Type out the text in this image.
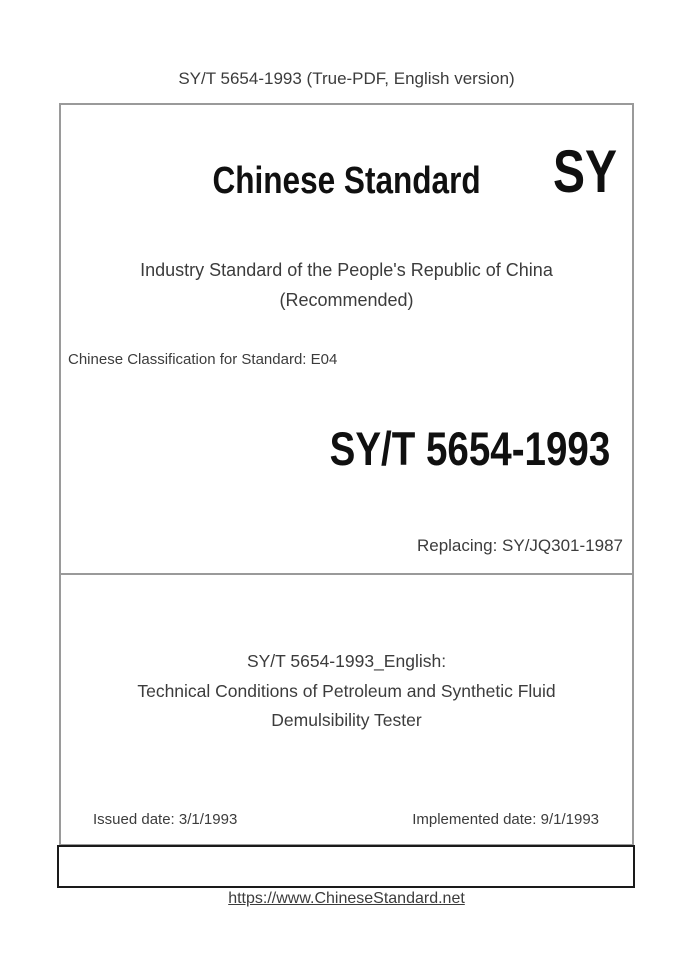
SY/T 5654-1993 (True-PDF, English version)
Chinese Standard	SY
Industry Standard of the People's Republic of China
(Recommended)
Chinese Classification for Standard: E04
SY/T 5654-1993
Replacing: SY/JQ301-1987
SY/T 5654-1993_English:
Technical Conditions of Petroleum and Synthetic Fluid
Demulsibility Tester
Issued date: 3/1/1993	Implemented date: 9/1/1993
https://www.ChineseStandard.net
